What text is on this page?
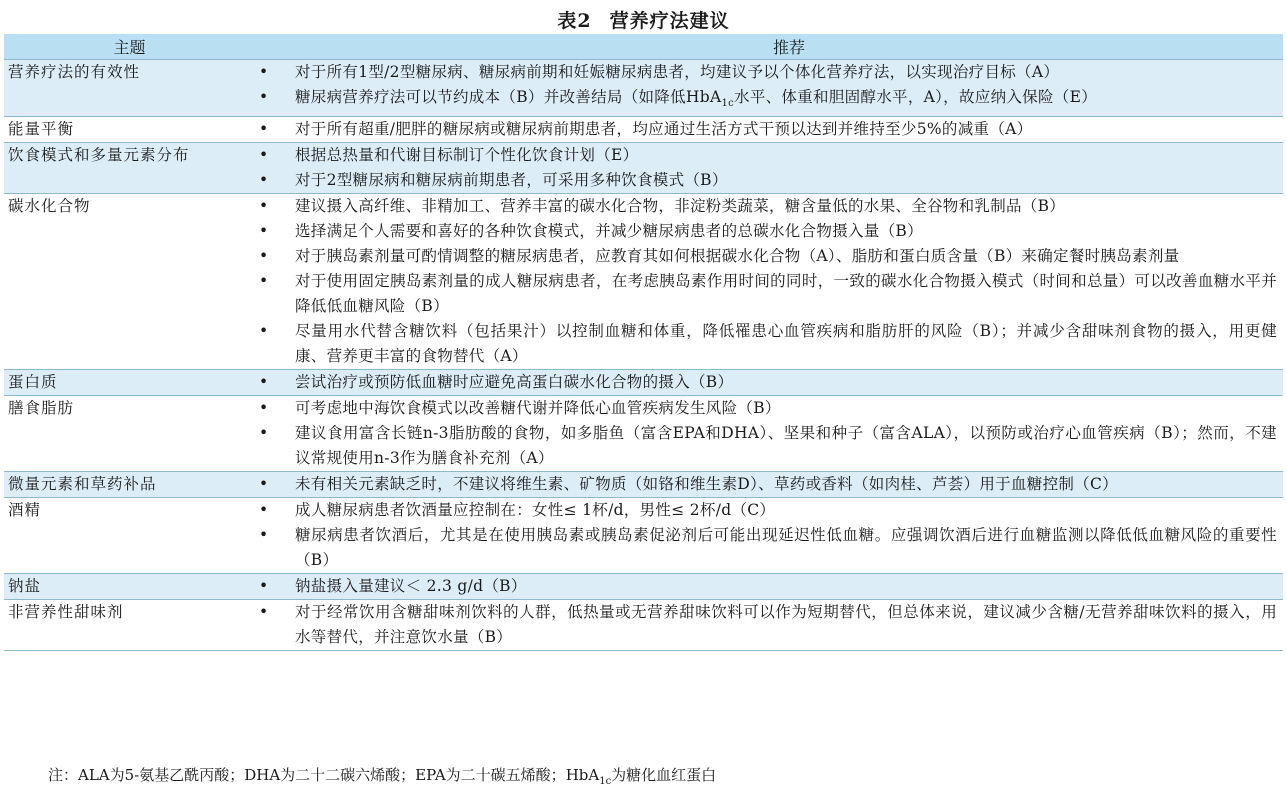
表2 营养疗法建议
主题		推荐
营养疗法的有效性	•	对于所有1型/2型糖尿病、糖尿病前期和妊娠糖尿病患者，均建议予以个体化营养疗法，以实现治疗目标（A）
	•	糖尿病营养疗法可以节约成本（B）并改善结局（如降低HbA$_{1c}$水平、体重和胆固醇水平，A），故应纳入保险（E）
能量平衡	•	对于所有超重/肥胖的糖尿病或糖尿病前期患者，均应通过生活方式干预以达到并维持至少5%的减重（A）
饮食模式和多量元素分布	•	根据总热量和代谢目标制订个性化饮食计划（E）
	•	对于2型糖尿病和糖尿病前期患者，可采用多种饮食模式（B）
碳水化合物	•	建议摄入高纤维、非精加工、营养丰富的碳水化合物，非淀粉类蔬菜，糖含量低的水果、全谷物和乳制品（B）
	•	选择满足个人需要和喜好的各种饮食模式，并减少糖尿病患者的总碳水化合物摄入量（B）
	•	对于胰岛素剂量可酌情调整的糖尿病患者，应教育其如何根据碳水化合物（A）、脂肪和蛋白质含量（B）来确定餐时胰岛素剂量
	•	对于使用固定胰岛素剂量的成人糖尿病患者，在考虑胰岛素作用时间的同时，一致的碳水化合物摄入模式（时间和总量）可以改善血糖水平并降低低血糖风险（B）
	•	尽量用水代替含糖饮料（包括果汁）以控制血糖和体重，降低罹患心血管疾病和脂肪肝的风险（B）；并减少含甜味剂食物的摄入，用更健康、营养更丰富的食物替代（A）
蛋白质	•	尝试治疗或预防低血糖时应避免高蛋白碳水化合物的摄入（B）
膳食脂肪	•	可考虑地中海饮食模式以改善糖代谢并降低心血管疾病发生风险（B）
	•	建议食用富含长链n-3脂肪酸的食物，如多脂鱼（富含EPA和DHA）、坚果和种子（富含ALA），以预防或治疗心血管疾病（B）；然而，不建议常规使用n-3作为膳食补充剂（A）
微量元素和草药补品	•	未有相关元素缺乏时，不建议将维生素、矿物质（如铬和维生素D）、草药或香料（如肉桂、芦荟）用于血糖控制（C）
酒精	•	成人糖尿病患者饮酒量应控制在：女性≤ 1杯/d，男性≤ 2杯/d（C）
	•	糖尿病患者饮酒后，尤其是在使用胰岛素或胰岛素促泌剂后可能出现延迟性低血糖。应强调饮酒后进行血糖监测以降低低血糖风险的重要性（B）
钠盐	•	钠盐摄入量建议＜ 2.3 g/d（B）
非营养性甜味剂	•	对于经常饮用含糖甜味剂饮料的人群，低热量或无营养甜味饮料可以作为短期替代，但总体来说，建议减少含糖/无营养甜味饮料的摄入，用水等替代，并注意饮水量（B）
注：ALA为5-氨基乙酰丙酸；DHA为二十二碳六烯酸；EPA为二十碳五烯酸；HbA$_{1c}$为糖化血红蛋白
